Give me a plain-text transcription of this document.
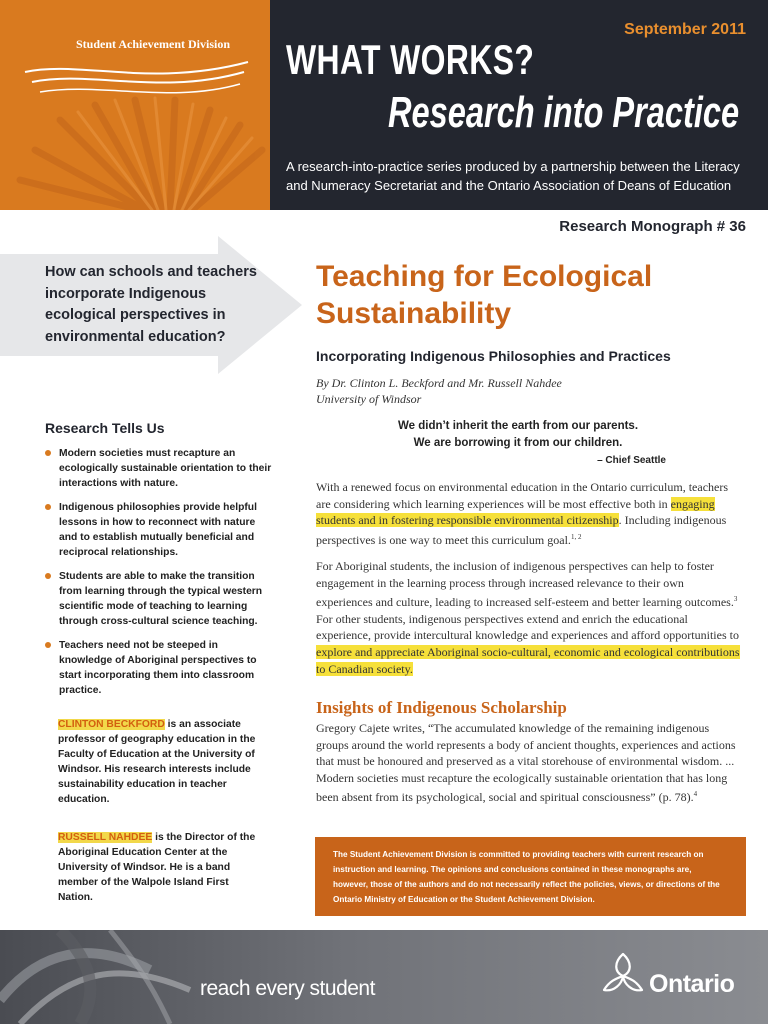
Student Achievement Division
September 2011
WHAT WORKS?
Research into Practice
A research-into-practice series produced by a partnership between the Literacy and Numeracy Secretariat and the Ontario Association of Deans of Education
Research Monograph # 36
How can schools and teachers incorporate Indigenous ecological perspectives in environmental education?
Research Tells Us
Modern societies must recapture an ecologically sustainable orientation to their interactions with nature.
Indigenous philosophies provide helpful lessons in how to reconnect with nature and to establish mutually beneficial and reciprocal relationships.
Students are able to make the transition from learning through the typical western scientific mode of teaching to learning through cross-cultural science teaching.
Teachers need not be steeped in knowledge of Aboriginal perspectives to start incorporating them into classroom practice.
CLINTON BECKFORD is an associate professor of geography education in the Faculty of Education at the University of Windsor. His research interests include sustainability education in teacher education.
RUSSELL NAHDEE is the Director of the Aboriginal Education Center at the University of Windsor. He is a band member of the Walpole Island First Nation.
Teaching for Ecological Sustainability
Incorporating Indigenous Philosophies and Practices
By Dr. Clinton L. Beckford and Mr. Russell Nahdee
University of Windsor
We didn’t inherit the earth from our parents.
We are borrowing it from our children.
– Chief Seattle
With a renewed focus on environmental education in the Ontario curriculum, teachers are considering which learning experiences will be most effective both in engaging students and in fostering responsible environmental citizenship. Including indigenous perspectives is one way to meet this curriculum goal.$^{1, 2}$
For Aboriginal students, the inclusion of indigenous perspectives can help to foster engagement in the learning process through increased relevance to their own experiences and culture, leading to increased self-esteem and better learning outcomes.$^3$ For other students, indigenous perspectives extend and enrich the educational experience, provide intercultural knowledge and experiences and afford opportunities to explore and appreciate Aboriginal socio-cultural, economic and ecological contributions to Canadian society.
Insights of Indigenous Scholarship
Gregory Cajete writes, “The accumulated knowledge of the remaining indigenous groups around the world represents a body of ancient thoughts, experiences and actions that must be honoured and preserved as a vital storehouse of environmental wisdom. ... Modern societies must recapture the ecologically sustainable orientation that has long been absent from its psychological, social and spiritual consciousness” (p. 78).$^4$
The Student Achievement Division is committed to providing teachers with current research on instruction and learning. The opinions and conclusions contained in these monographs are, however, those of the authors and do not necessarily reflect the policies, views, or directions of the Ontario Ministry of Education or the Student Achievement Division.
reach every student	Ontario
